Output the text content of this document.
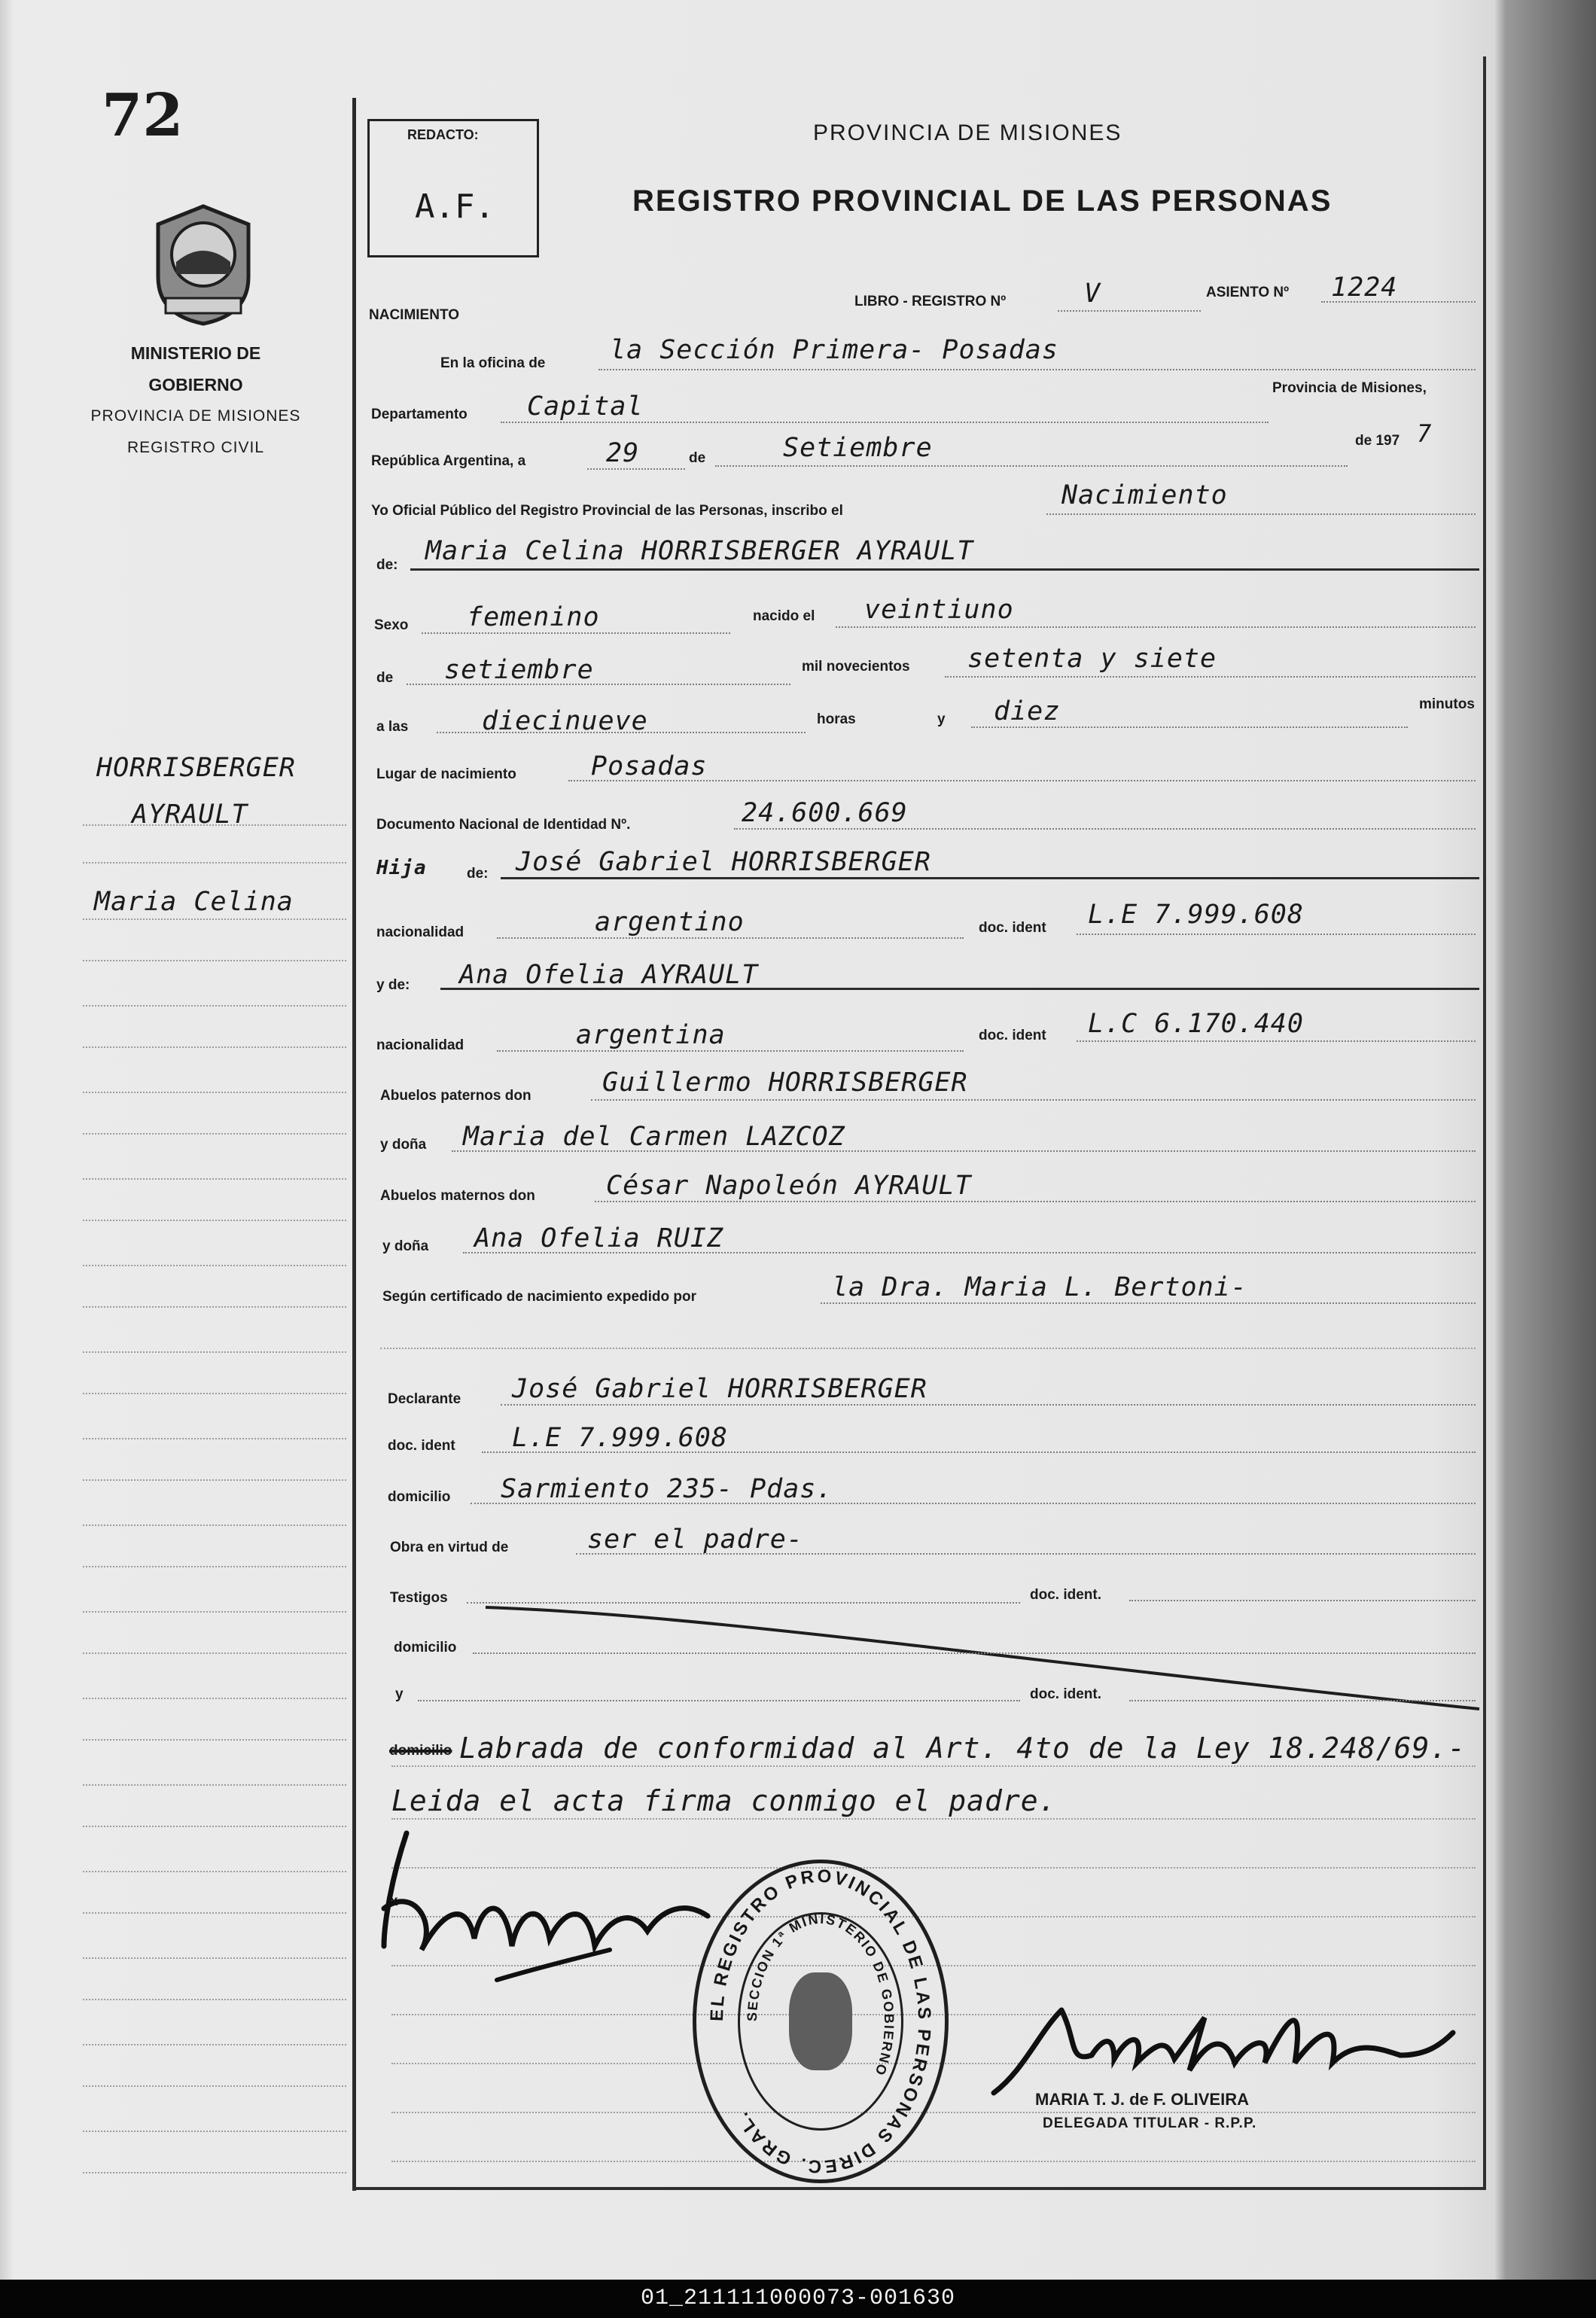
72
MINISTERIO DE GOBIERNO
PROVINCIA DE MISIONES
REGISTRO CIVIL
HORRISBERGER
AYRAULT
Maria Celina
REDACTO:
A.F.
PROVINCIA DE MISIONES
REGISTRO PROVINCIAL DE LAS PERSONAS
NACIMIENTO
LIBRO - REGISTRO Nº	V	ASIENTO Nº 1224
En la oficina de la Sección Primera- Posadas
Departamento Capital
Provincia de Misiones,
República Argentina, a	29	de	Setiembre	de 197 7
Yo Oficial Público del Registro Provincial de las Personas, inscribo el
Nacimiento
de: Maria Celina HORRISBERGER AYRAULT
Sexo femenino	nacido el veintiuno
de setiembre	mil novecientos setenta y siete
a las	diecinueve	horas	y diez	minutos
Lugar de nacimiento	Posadas
Documento Nacional de Identidad Nº.	24.600.669
Hija	de: José Gabriel HORRISBERGER
nacionalidad	argentino	doc. ident L.E 7.999.608
y de: Ana Ofelia AYRAULT
nacionalidad	argentina	doc. ident L.C 6.170.440
Abuelos paternos don	Guillermo HORRISBERGER
y doña Maria del Carmen LAZCOZ
Abuelos maternos don	César Napoleón AYRAULT
y doña Ana Ofelia RUIZ
Según certificado de nacimiento expedido por	la Dra. Maria L. Bertoni-
Declarante José Gabriel HORRISBERGER
doc. ident L.E 7.999.608
domicilio Sarmiento 235- Pdas.
Obra en virtud de	ser el padre-
Testigos	doc. ident.
domicilio
y	doc. ident.
domicilio Labrada de conformidad al Art. 4to de la Ley 18.248/69.-
Leida el acta firma conmigo el padre.
x
EL REGISTRO PROVINCIAL DE LAS PERSONAS DIREC. GRAL.
SECCION 1ª MINISTERIO DE GOBIERNO
MARIA T. J. de F. OLIVEIRA
DELEGADA TITULAR - R.P.P.
01_211111000073-001630
